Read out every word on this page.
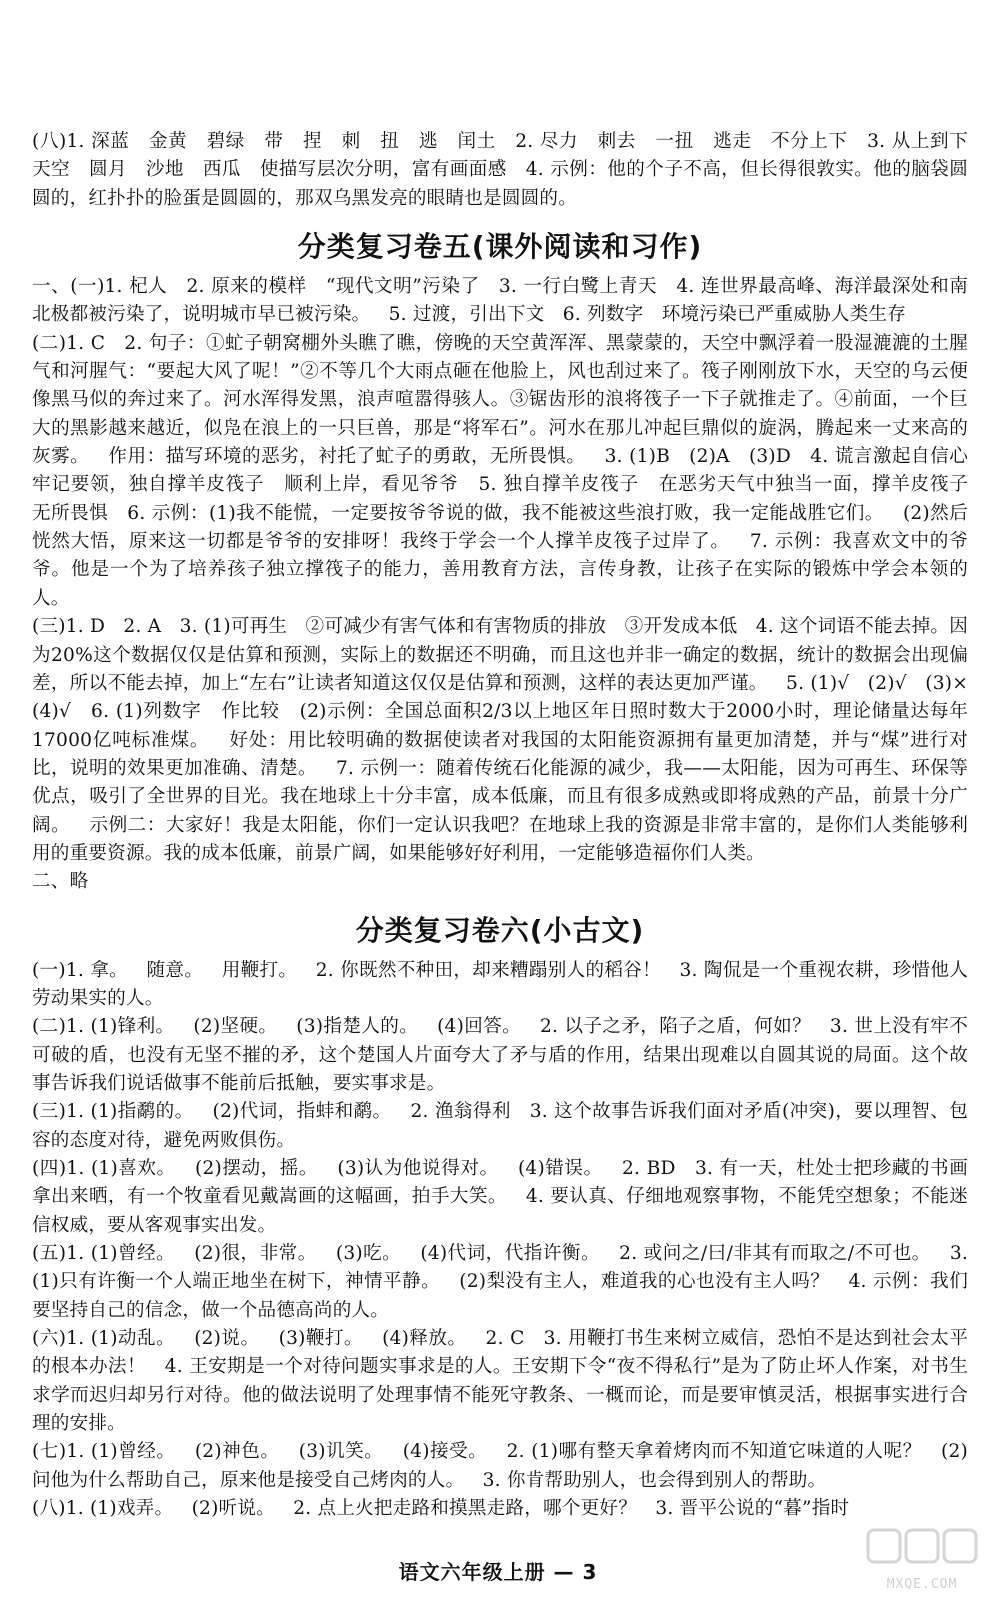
(八)1. 深蓝   金黄   碧绿   带   捏   刺   扭   逃   闰土   2. 尽力   刺去   一扭   逃走   不分上下   3. 从上到下   天空   圆月   沙地   西瓜   使描写层次分明，富有画面感   4. 示例：他的个子不高，但长得很敦实。他的脑袋圆圆的，红扑扑的脸蛋是圆圆的，那双乌黑发亮的眼睛也是圆圆的。

分类复习卷五(课外阅读和习作)

一、(一)1. 杞人   2. 原来的模样   “现代文明”污染了   3. 一行白鹭上青天   4. 连世界最高峰、海洋最深处和南北极都被污染了，说明城市早已被污染。   5. 过渡，引出下文   6. 列数字   环境污染已严重威胁人类生存

(二)1. C   2. 句子：①虻子朝窝棚外头瞧了瞧，傍晚的天空黄浑浑、黑蒙蒙的，天空中飘浮着一股湿漉漉的土腥气和河腥气：“要起大风了呢！”②不等几个大雨点砸在他脸上，风也刮过来了。筏子刚刚放下水，天空的乌云便像黑马似的奔过来了。河水浑得发黑，浪声喧嚣得骇人。③锯齿形的浪将筏子一下子就推走了。④前面，一个巨大的黑影越来越近，似凫在浪上的一只巨兽，那是“将军石”。河水在那儿冲起巨鼎似的旋涡，腾起来一丈来高的灰雾。   作用：描写环境的恶劣，衬托了虻子的勇敢，无所畏惧。   3. (1)B   (2)A   (3)D   4. 谎言激起自信心   牢记要领，独自撑羊皮筏子   顺利上岸，看见爷爷   5. 独自撑羊皮筏子   在恶劣天气中独当一面，撑羊皮筏子   无所畏惧   6. 示例：(1)我不能慌，一定要按爷爷说的做，我不能被这些浪打败，我一定能战胜它们。   (2)然后恍然大悟，原来这一切都是爷爷的安排呀！我终于学会一个人撑羊皮筏子过岸了。   7. 示例：我喜欢文中的爷爷。他是一个为了培养孩子独立撑筏子的能力，善用教育方法，言传身教，让孩子在实际的锻炼中学会本领的人。

(三)1. D   2. A   3. (1)可再生   ②可减少有害气体和有害物质的排放   ③开发成本低   4. 这个词语不能去掉。因为20%这个数据仅仅是估算和预测，实际上的数据还不明确，而且这也并非一确定的数据，统计的数据会出现偏差，所以不能去掉，加上“左右”让读者知道这仅仅是估算和预测，这样的表达更加严谨。   5. (1)√   (2)√   (3)×   (4)√   6. (1)列数字   作比较   (2)示例：全国总面积2/3以上地区年日照时数大于2000小时，理论储量达每年17000亿吨标准煤。   好处：用比较明确的数据使读者对我国的太阳能资源拥有量更加清楚，并与“煤”进行对比，说明的效果更加准确、清楚。   7. 示例一：随着传统石化能源的减少，我——太阳能，因为可再生、环保等优点，吸引了全世界的目光。我在地球上十分丰富，成本低廉，而且有很多成熟或即将成熟的产品，前景十分广阔。   示例二：大家好！我是太阳能，你们一定认识我吧？在地球上我的资源是非常丰富的，是你们人类能够利用的重要资源。我的成本低廉，前景广阔，如果能够好好利用，一定能够造福你们人类。

二、略

分类复习卷六(小古文)

(一)1. 拿。   随意。   用鞭打。   2. 你既然不种田，却来糟蹋别人的稻谷！   3. 陶侃是一个重视农耕，珍惜他人劳动果实的人。

(二)1. (1)锋利。   (2)坚硬。   (3)指楚人的。   (4)回答。   2. 以子之矛，陷子之盾，何如？   3. 世上没有牢不可破的盾，也没有无坚不摧的矛，这个楚国人片面夸大了矛与盾的作用，结果出现难以自圆其说的局面。这个故事告诉我们说话做事不能前后抵触，要实事求是。

(三)1. (1)指鹬的。   (2)代词，指蚌和鹬。   2. 渔翁得利   3. 这个故事告诉我们面对矛盾(冲突)，要以理智、包容的态度对待，避免两败俱伤。

(四)1. (1)喜欢。   (2)摆动，摇。   (3)认为他说得对。   (4)错误。   2. BD   3. 有一天，杜处士把珍藏的书画拿出来晒，有一个牧童看见戴嵩画的这幅画，拍手大笑。   4. 要认真、仔细地观察事物，不能凭空想象；不能迷信权威，要从客观事实出发。

(五)1. (1)曾经。   (2)很，非常。   (3)吃。   (4)代词，代指许衡。   2. 或问之/曰/非其有而取之/不可也。   3. (1)只有许衡一个人端正地坐在树下，神情平静。   (2)梨没有主人，难道我的心也没有主人吗？   4. 示例：我们要坚持自己的信念，做一个品德高尚的人。

(六)1. (1)动乱。   (2)说。   (3)鞭打。   (4)释放。   2. C   3. 用鞭打书生来树立威信，恐怕不是达到社会太平的根本办法！   4. 王安期是一个对待问题实事求是的人。王安期下令“夜不得私行”是为了防止坏人作案，对书生求学而迟归却另行对待。他的做法说明了处理事情不能死守教条、一概而论，而是要审慎灵活，根据事实进行合理的安排。

(七)1. (1)曾经。   (2)神色。   (3)讥笑。   (4)接受。   2. (1)哪有整天拿着烤肉而不知道它味道的人呢？   (2)问他为什么帮助自己，原来他是接受自己烤肉的人。   3. 你肯帮助别人，也会得到别人的帮助。

(八)1. (1)戏弄。   (2)听说。   2. 点上火把走路和摸黑走路，哪个更好？   3. 晋平公说的“暮”指时

语文六年级上册 — 3
MXQE.COM
